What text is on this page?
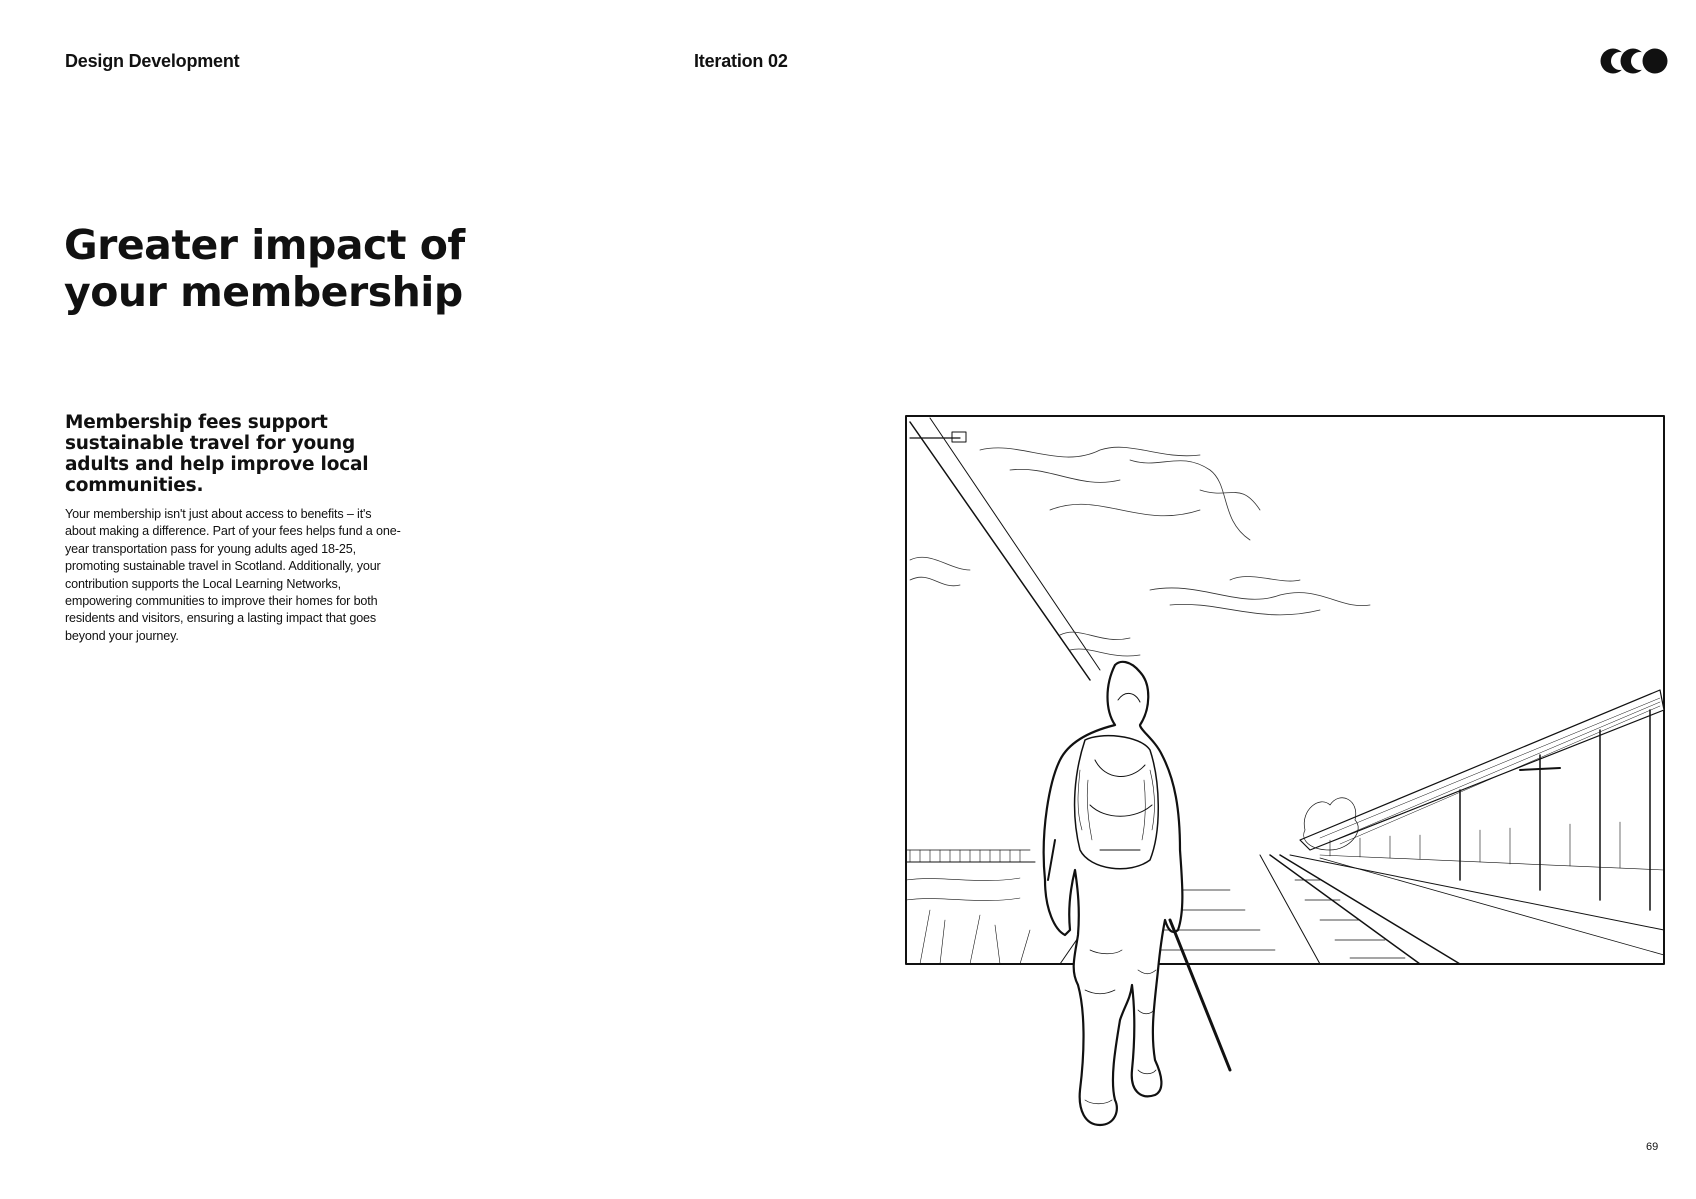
Design Development	Iteration 02
Greater impact of
your membership
Membership fees support sustainable travel for young adults and help improve local communities.

Your membership isn't just about access to benefits – it's about making a difference. Part of your fees helps fund a one-year transportation pass for young adults aged 18-25, promoting sustainable travel in Scotland. Additionally, your contribution supports the Local Learning Networks, empowering communities to improve their homes for both residents and visitors, ensuring a lasting impact that goes beyond your journey.

69
